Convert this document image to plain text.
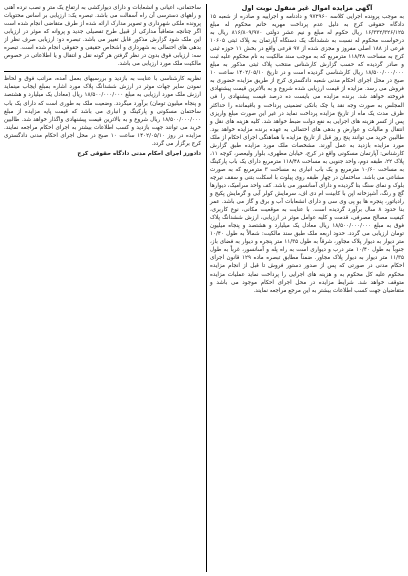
آگهی مزایده اموال غیر منقول نوبت اول

به موجب پرونده اجرایی کلاسه ۹۷۲۹۶۰ و دادنامه و اجراییه و صادره از شعبه ۱۵ دادگاه حقوقی کرج به دلیل عدم پرداخت مهریه خانم محکوم له مبلغ ۱۶/۳۳۲/۳۲۶/۱۲۵ ریال حکوم له مبلغ و نیم عشر دولتی ۸۱۶/۸۰۹/۹۷۰ ریال به درخواست محکوم له نسبت به ششدانگ یک دستگاه آپارتمان به پلاک ثبتی ۱۰۶۰۵ فرعی از ۱۸۸ اصلی مفروز و مجزی شده از ۹۷ فرعی واقع در بخش ۱۱ حوزه ثبتی کرج به مساحت ۱۱۸/۴۸ مترمربع که به موجب سند مالکیت به نام محکوم علیه ثبت و صادر گردیده که حسب گزارش کارشناس منتخب پلاک ثبتی مذکور به مبلغ ۱۸/۵۰۰/۰۰۰/۰۰۰ ریال کارشناسی گردیده است و در تاریخ ۱۴۰۲/۰۵/۱۰ ساعت ۱۰ صبح در محل اجرای احکام مدنی شعبه دادگستری کرج از طریق مزایده حضوری به فروش می رسد. مزایده از قیمت ارزیابی شده شروع و به بالاترین قیمت پیشنهادی فروخته خواهد شد. برنده مزایده می بایست ده درصد قیمت پیشنهادی را فی المجلس به صورت وجه نقد یا چک بانکی تضمینی پرداخت و باقیمانده را حداکثر ظرف مدت یک ماه از تاریخ مزایده پرداخت نماید در غیر این صورت مبلغ واریزی پس از کسر هزینه های اجرایی به نفع دولت ضبط خواهد شد. کلیه هزینه های نقل و انتقال و مالیات و عوارض و بدهی های احتمالی به عهده برنده مزایده خواهد بود. طالبین خرید می توانند پنج روز قبل از تاریخ مزایده با هماهنگی اجرای احکام از ملک مورد مزایده بازدید به عمل آورند. مشخصات ملک مورد مزایده طبق گزارش کارشناس: آپارتمان مسکونی واقع در کرج، خیابان مطهری، بلوار ولیعصر، کوچه ۱۱، پلاک ۲۲، طبقه دوم، واحد جنوبی به مساحت ۱۱۸/۴۸ مترمربع دارای یک باب پارکینگ به مساحت ۱۰/۶۰ مترمربع و یک باب انباری به مساحت ۳ مترمربع که به صورت مشاعی می باشد. ساختمان در چهار طبقه روی پیلوت با اسکلت بتنی و سقف تیرچه بلوک و نمای سنگ بنا گردیده و دارای آسانسور می باشد. کف واحد سرامیک، دیوارها گچ و رنگ، آشپزخانه اپن با کابینت ام دی اف، سرمایش کولر آبی و گرمایش پکیج و رادیاتور، پنجره ها یو پی وی سی و دارای انشعابات آب و برق و گاز می باشد. عمر بنا حدود ۸ سال برآورد گردیده است. با عنایت به موقعیت مکانی، نوع کاربری، کیفیت مصالح مصرفی، قدمت و کلیه عوامل موثر در ارزیابی، ارزش ششدانگ پلاک فوق به مبلغ ۱۸/۵۰۰/۰۰۰/۰۰۰ ریال معادل یک میلیارد و هشتصد و پنجاه میلیون تومان ارزیابی می گردد. حدود اربعه ملک طبق سند مالکیت: شمالاً به طول ۱۰/۴۰ متر دیوار به دیوار پلاک مجاور، شرقاً به طول ۱۱/۳۵ متر پنجره و دیوار به فضای باز، جنوباً به طول ۱۰/۴۰ متر درب و دیواری است به راه پله و آسانسور، غرباً به طول ۱۱/۳۵ متر دیوار به دیوار پلاک مجاور. ضمناً مطابق تبصره ماده ۱۲۹ قانون اجرای احکام مدنی در صورتی که پس از صدور دستور فروش تا قبل از انجام مزایده محکوم علیه کل محکوم به و هزینه های اجرایی را پرداخت نماید عملیات مزایده متوقف خواهد شد. شرایط مزایده در محل اجرای احکام موجود می باشد و متقاضیان جهت کسب اطلاعات بیشتر به این مرجع مراجعه نمایند.

ساختمانی، اعیانی و انشعابات و دارای دیوارکشی به ارتفاع یک متر و نصب نرده آهنی و راههای دسترسی آن راه آسفالت می باشد. تبصره یک: ارزیابی بر اساس محتویات پرونده ملکی شهرداری و تصویر مدارک ارائه شده از طرف متقاضی انجام شده است اگر چنانچه متعاقباً مدارکی از قبیل طرح تفصیلی جدید و پروانه که موثر در ارزیابی این ملک شود گزارش مذکور قابل تغییر می باشد. تبصره دو: ارزیابی صرف نظر از بدهی های احتمالی به شهرداری و اشخاص حقیقی و حقوقی انجام شده است. تبصره سه: ارزیابی فوق بدون در نظر گرفتن هر گونه نقل و انتقال و یا اطلاعاتی در خصوص مالکیت ملک مورد ارزیابی می باشد.

نظریه کارشناسی با عنایت به بازدید و بررسیهای بعمل آمده، مراتب فوق و لحاظ نمودن سایر جهات موثر در ارزش ششدانگ پلاک مورد اشاره بمبلغ ایجاب مینماید ارزش ملک مورد ارزیابی به مبلغ ۱۸/۵۰۰/۰۰۰/۰۰۰ ریال (معادل یک میلیارد و هشتصد و پنجاه میلیون تومان) برآورد میگردد. وضعیت ملک به طوری است که دارای یک باب ساختمان مسکونی و پارکینگ و انباری می باشد که قیمت پایه مزایده از مبلغ ۱۸/۵۰۰/۰۰۰/۰۰۰ ریال شروع و به بالاترین قیمت پیشنهادی واگذار خواهد شد. طالبین خرید می توانند جهت بازدید و کسب اطلاعات بیشتر به اجرای احکام مراجعه نمایند. مزایده در روز ۱۴۰۲/۰۵/۱۰ ساعت ۱۰ صبح در محل اجرای احکام مدنی دادگستری کرج برگزار می گردد.

دادورز اجرای احکام مدنی دادگاه حقوقی کرج
